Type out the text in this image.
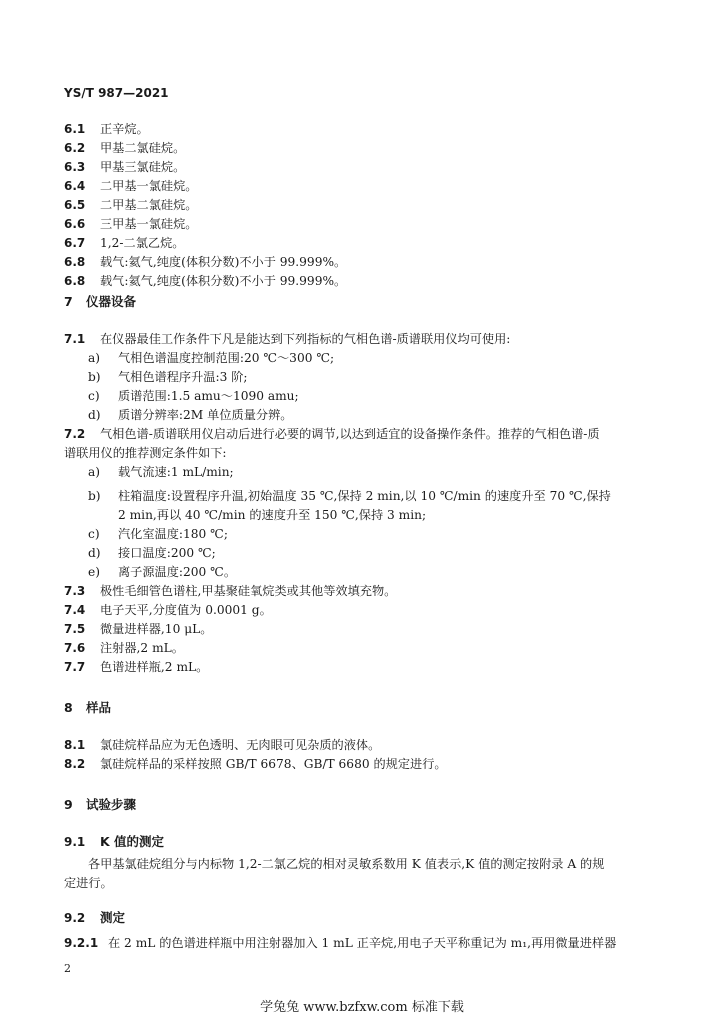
YS/T 987—2021
6.1 正辛烷。
6.2 甲基二氯硅烷。
6.3 甲基三氯硅烷。
6.4 二甲基一氯硅烷。
6.5 二甲基二氯硅烷。
6.6 三甲基一氯硅烷。
6.7 1,2-二氯乙烷。
6.8 载气:氦气,纯度(体积分数)不小于 99.999%。
7 仪器设备
7.1 在仪器最佳工作条件下凡是能达到下列指标的气相色谱-质谱联用仪均可使用:
a) 气相色谱温度控制范围:20 ℃～300 ℃;
b) 气相色谱程序升温:3 阶;
c) 质谱范围:1.5 amu～1090 amu;
d) 质谱分辨率:2M 单位质量分辨。
7.2 气相色谱-质谱联用仪启动后进行必要的调节,以达到适宜的设备操作条件。推荐的气相色谱-质
谱联用仪的推荐测定条件如下:
a) 载气流速:1 mL/min;
b) 柱箱温度:设置程序升温,初始温度 35 ℃,保持 2 min,以 10 ℃/min 的速度升至 70 ℃,保持
2 min,再以 40 ℃/min 的速度升至 150 ℃,保持 3 min;
c) 汽化室温度:180 ℃;
d) 接口温度:200 ℃;
e) 离子源温度:200 ℃。
7.3 极性毛细管色谱柱,甲基聚硅氧烷类或其他等效填充物。
7.4 电子天平,分度值为 0.0001 g。
7.5 微量进样器,10 μL。
7.6 注射器,2 mL。
7.7 色谱进样瓶,2 mL。
8 样品
8.1 氯硅烷样品应为无色透明、无肉眼可见杂质的液体。
8.2 氯硅烷样品的采样按照 GB/T 6678、GB/T 6680 的规定进行。
9 试验步骤
9.1 K 值的测定
各甲基氯硅烷组分与内标物 1,2-二氯乙烷的相对灵敏系数用 K 值表示,K 值的测定按附录 A 的规
定进行。
9.2 测定
9.2.1 在 2 mL 的色谱进样瓶中用注射器加入 1 mL 正辛烷,用电子天平称重记为 m₁,再用微量进样器
2
学兔兔 www.bzfxw.com 标准下载
6.8 载气:氦气,纯度(体积分数)不小于 99.999%。
